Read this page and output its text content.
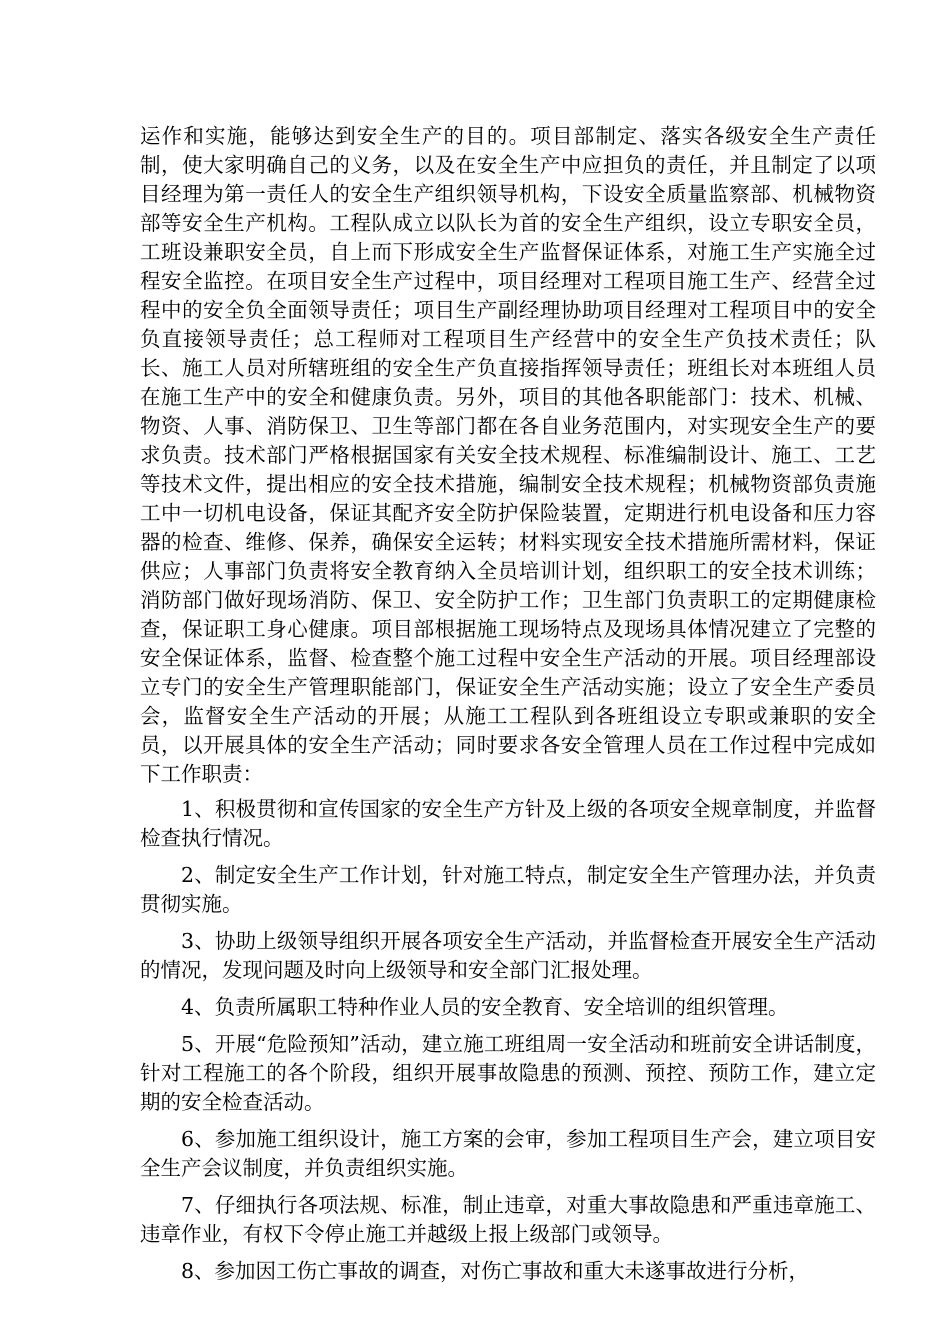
运作和实施，能够达到安全生产的目的。项目部制定、落实各级安全生产责任制，使大家明确自己的义务，以及在安全生产中应担负的责任，并且制定了以项目经理为第一责任人的安全生产组织领导机构，下设安全质量监察部、机械物资部等安全生产机构。工程队成立以队长为首的安全生产组织，设立专职安全员，工班设兼职安全员，自上而下形成安全生产监督保证体系，对施工生产实施全过程安全监控。在项目安全生产过程中，项目经理对工程项目施工生产、经营全过程中的安全负全面领导责任；项目生产副经理协助项目经理对工程项目中的安全负直接领导责任；总工程师对工程项目生产经营中的安全生产负技术责任；队长、施工人员对所辖班组的安全生产负直接指挥领导责任；班组长对本班组人员在施工生产中的安全和健康负责。另外，项目的其他各职能部门：技术、机械、物资、人事、消防保卫、卫生等部门都在各自业务范围内，对实现安全生产的要求负责。技术部门严格根据国家有关安全技术规程、标准编制设计、施工、工艺等技术文件，提出相应的安全技术措施，编制安全技术规程；机械物资部负责施工中一切机电设备，保证其配齐安全防护保险装置，定期进行机电设备和压力容器的检查、维修、保养，确保安全运转；材料实现安全技术措施所需材料，保证供应；人事部门负责将安全教育纳入全员培训计划，组织职工的安全技术训练；消防部门做好现场消防、保卫、安全防护工作；卫生部门负责职工的定期健康检查，保证职工身心健康。项目部根据施工现场特点及现场具体情况建立了完整的安全保证体系，监督、检查整个施工过程中安全生产活动的开展。项目经理部设立专门的安全生产管理职能部门，保证安全生产活动实施；设立了安全生产委员会，监督安全生产活动的开展；从施工工程队到各班组设立专职或兼职的安全员，以开展具体的安全生产活动；同时要求各安全管理人员在工作过程中完成如下工作职责：

1、积极贯彻和宣传国家的安全生产方针及上级的各项安全规章制度，并监督检查执行情况。

2、制定安全生产工作计划，针对施工特点，制定安全生产管理办法，并负责贯彻实施。

3、协助上级领导组织开展各项安全生产活动，并监督检查开展安全生产活动的情况，发现问题及时向上级领导和安全部门汇报处理。

4、负责所属职工特种作业人员的安全教育、安全培训的组织管理。

5、开展“危险预知”活动，建立施工班组周一安全活动和班前安全讲话制度，针对工程施工的各个阶段，组织开展事故隐患的预测、预控、预防工作，建立定期的安全检查活动。

6、参加施工组织设计，施工方案的会审，参加工程项目生产会，建立项目安全生产会议制度，并负责组织实施。

7、仔细执行各项法规、标准，制止违章，对重大事故隐患和严重违章施工、违章作业，有权下令停止施工并越级上报上级部门或领导。

8、参加因工伤亡事故的调查，对伤亡事故和重大未遂事故进行分析，
